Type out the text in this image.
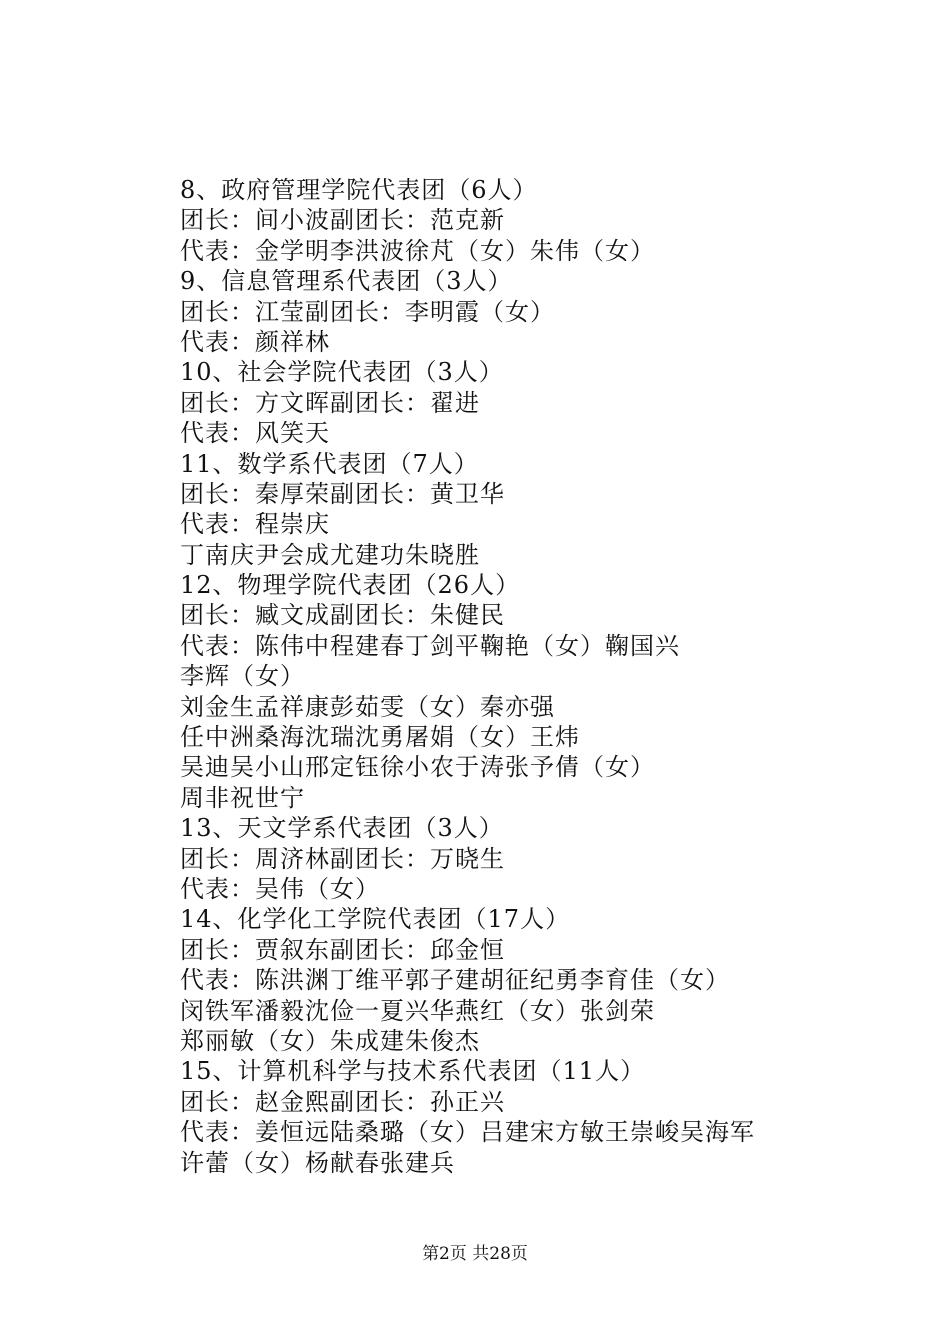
8、政府管理学院代表团（6人）
团长：间小波副团长：范克新
代表：金学明李洪波徐芃（女）朱伟（女）
9、信息管理系代表团（3人）
团长：江莹副团长：李明霞（女）
代表：颜祥林
10、社会学院代表团（3人）
团长：方文晖副团长：翟进
代表：风笑天
11、数学系代表团（7人）
团长：秦厚荣副团长：黄卫华
代表：程崇庆
丁南庆尹会成尤建功朱晓胜
12、物理学院代表团（26人）
团长：臧文成副团长：朱健民
代表：陈伟中程建春丁剑平鞠艳（女）鞠国兴
李辉（女）
刘金生孟祥康彭茹雯（女）秦亦强
任中洲桑海沈瑞沈勇屠娟（女）王炜
吴迪吴小山邢定钰徐小农于涛张予倩（女）
周非祝世宁
13、天文学系代表团（3人）
团长：周济林副团长：万晓生
代表：吴伟（女）
14、化学化工学院代表团（17人）
团长：贾叙东副团长：邱金恒
代表：陈洪渊丁维平郭子建胡征纪勇李育佳（女）
闵铁军潘毅沈俭一夏兴华燕红（女）张剑荣
郑丽敏（女）朱成建朱俊杰
15、计算机科学与技术系代表团（11人）
团长：赵金熙副团长：孙正兴
代表：姜恒远陆桑璐（女）吕建宋方敏王崇峻吴海军
许蕾（女）杨献春张建兵
第2页 共28页
